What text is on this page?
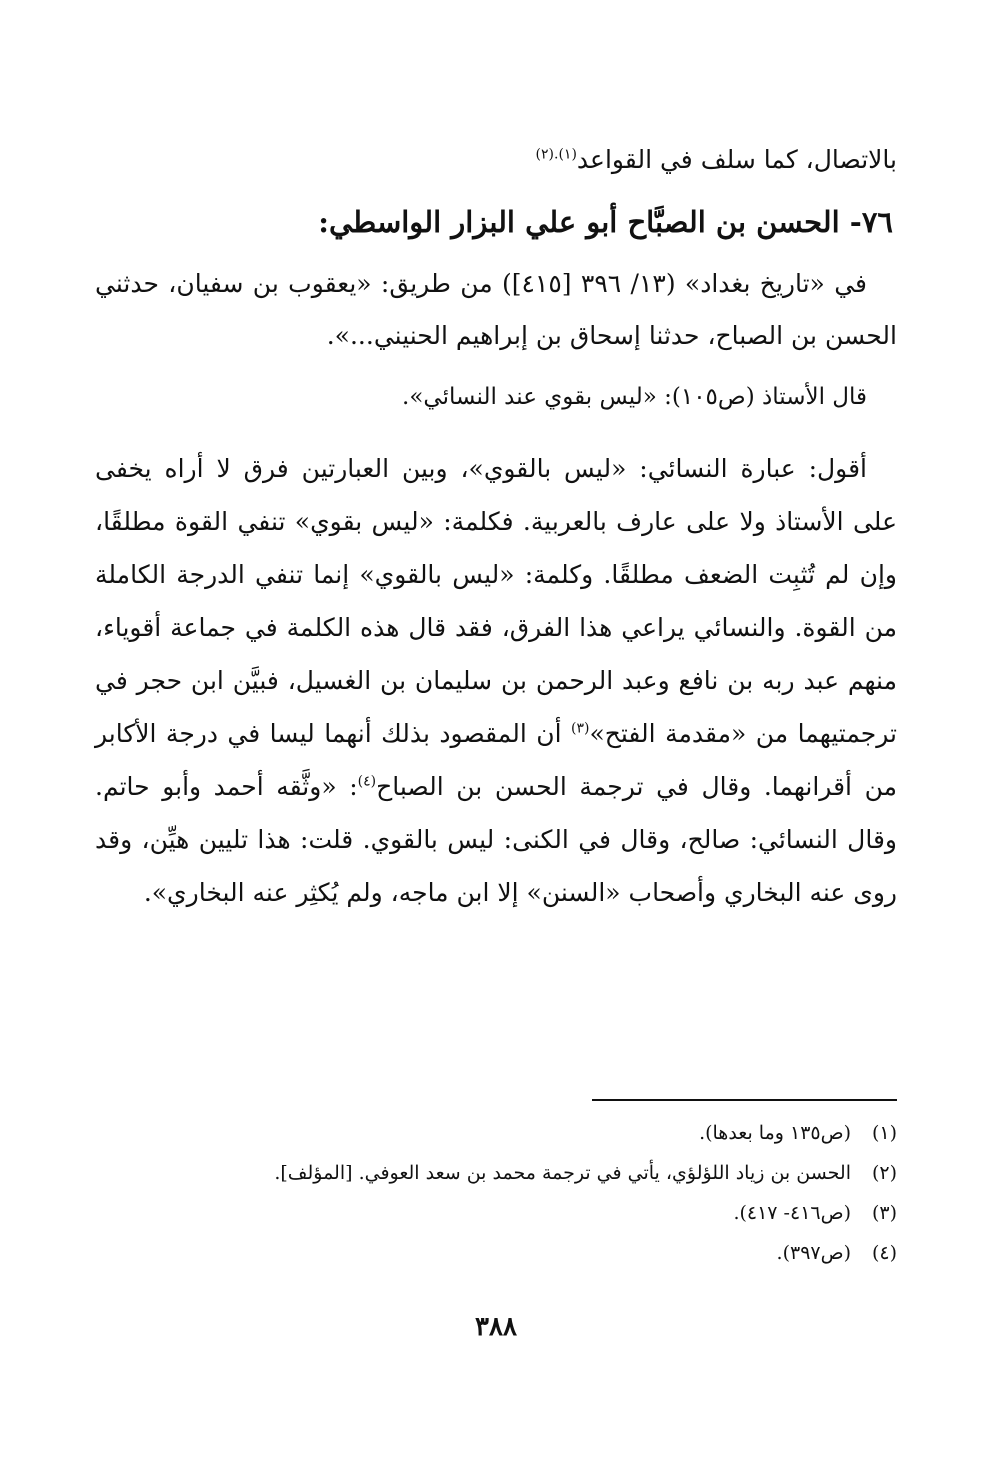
بالاتصال، كما سلف في القواعد$^{(١).(٢)}$

٧٦- الحسن بن الصبَّاح أبو علي البزار الواسطي:

في «تاريخ بغداد» (١٣/ ٣٩٦ [٤١٥]) من طريق: «يعقوب بن سفيان، حدثني الحسن بن الصباح، حدثنا إسحاق بن إبراهيم الحنيني...».

قال الأستاذ (ص١٠٥): «ليس بقوي عند النسائي».

أقول: عبارة النسائي: «ليس بالقوي»، وبين العبارتين فرق لا أراه يخفى على الأستاذ ولا على عارف بالعربية. فكلمة: «ليس بقوي» تنفي القوة مطلقًا، وإن لم تُثبِت الضعف مطلقًا. وكلمة: «ليس بالقوي» إنما تنفي الدرجة الكاملة من القوة. والنسائي يراعي هذا الفرق، فقد قال هذه الكلمة في جماعة أقوياء، منهم عبد ربه بن نافع وعبد الرحمن بن سليمان بن الغسيل، فبيَّن ابن حجر في ترجمتيهما من «مقدمة الفتح»$^{(٣)}$ أن المقصود بذلك أنهما ليسا في درجة الأكابر من أقرانهما. وقال في ترجمة الحسن بن الصباح$^{(٤)}$: «وثَّقه أحمد وأبو حاتم. وقال النسائي: صالح، وقال في الكنى: ليس بالقوي. قلت: هذا تليين هيِّن، وقد روى عنه البخاري وأصحاب «السنن» إلا ابن ماجه، ولم يُكثِر عنه البخاري».

(١)
(ص١٣٥ وما بعدها).
(٢)
الحسن بن زياد اللؤلؤي، يأتي في ترجمة محمد بن سعد العوفي. [المؤلف].
(٣)
(ص٤١٦- ٤١٧).
(٤)
(ص٣٩٧).
٣٨٨
